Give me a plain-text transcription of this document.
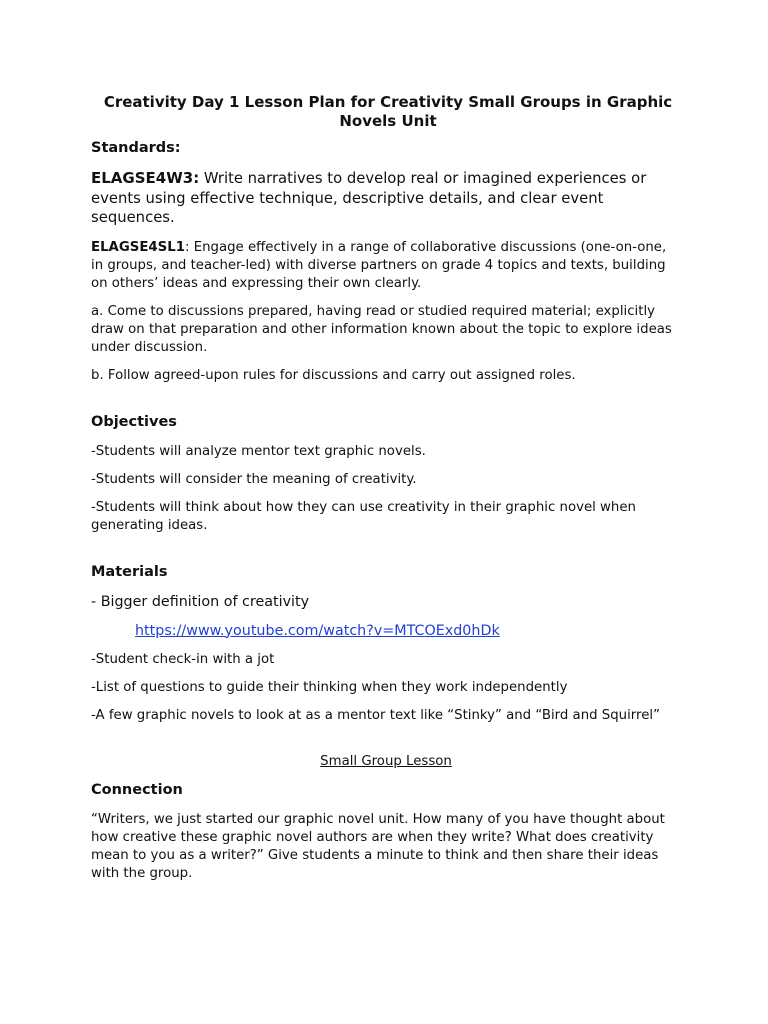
Creativity Day 1 Lesson Plan for Creativity Small Groups in Graphic Novels Unit
Standards:
ELAGSE4W3: Write narratives to develop real or imagined experiences or events using effective technique, descriptive details, and clear event sequences.
ELAGSE4SL1: Engage effectively in a range of collaborative discussions (one-on-one, in groups, and teacher-led) with diverse partners on grade 4 topics and texts, building on others’ ideas and expressing their own clearly.
a. Come to discussions prepared, having read or studied required material; explicitly draw on that preparation and other information known about the topic to explore ideas under discussion.
b. Follow agreed-upon rules for discussions and carry out assigned roles.
Objectives
-Students will analyze mentor text graphic novels.
-Students will consider the meaning of creativity.
-Students will think about how they can use creativity in their graphic novel when generating ideas.
Materials
- Bigger definition of creativity
https://www.youtube.com/watch?v=MTCOExd0hDk
-Student check-in with a jot
-List of questions to guide their thinking when they work independently
-A few graphic novels to look at as a mentor text like “Stinky” and “Bird and Squirrel”
Small Group Lesson
Connection
“Writers, we just started our graphic novel unit. How many of you have thought about how creative these graphic novel authors are when they write? What does creativity mean to you as a writer?” Give students a minute to think and then share their ideas with the group.
